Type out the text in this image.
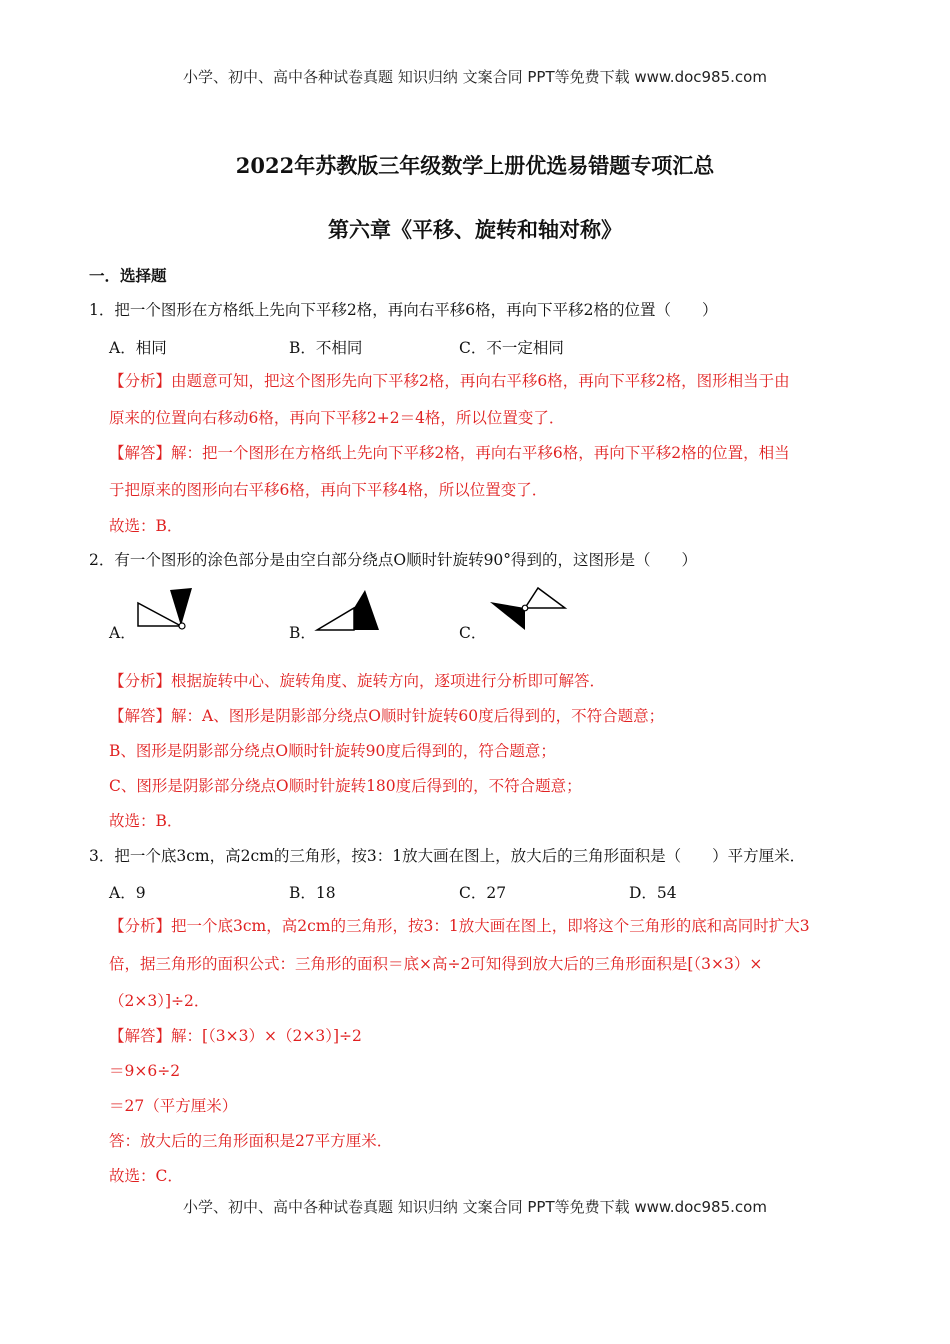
小学、初中、高中各种试卷真题 知识归纳 文案合同 PPT等免费下载 www.doc985.com
2022年苏教版三年级数学上册优选易错题专项汇总
第六章《平移、旋转和轴对称》
一．选择题
1．把一个图形在方格纸上先向下平移2格，再向右平移6格，再向下平移2格的位置（　　）
A．相同	B．不相同	C．不一定相同
【分析】由题意可知，把这个图形先向下平移2格，再向右平移6格，再向下平移2格，图形相当于由
原来的位置向右移动6格，再向下平移2+2＝4格，所以位置变了．
【解答】解：把一个图形在方格纸上先向下平移2格，再向右平移6格，再向下平移2格的位置，相当
于把原来的图形向右平移6格，再向下平移4格，所以位置变了．
故选：B．
2．有一个图形的涂色部分是由空白部分绕点O顺时针旋转90°得到的，这图形是（　　）
A．	B．	C．
【分析】根据旋转中心、旋转角度、旋转方向，逐项进行分析即可解答．
【解答】解：A、图形是阴影部分绕点O顺时针旋转60度后得到的，不符合题意；
B、图形是阴影部分绕点O顺时针旋转90度后得到的，符合题意；
C、图形是阴影部分绕点O顺时针旋转180度后得到的，不符合题意；
故选：B．
3．把一个底3cm，高2cm的三角形，按3：1放大画在图上，放大后的三角形面积是（　　）平方厘米．
A．9	B．18	C．27	D．54
【分析】把一个底3cm，高2cm的三角形，按3：1放大画在图上，即将这个三角形的底和高同时扩大3
倍，据三角形的面积公式：三角形的面积＝底×高÷2可知得到放大后的三角形面积是[（3×3）×
（2×3）]÷2．
【解答】解：[（3×3）×（2×3）]÷2
＝9×6÷2
＝27（平方厘米）
答：放大后的三角形面积是27平方厘米．
故选：C．
小学、初中、高中各种试卷真题 知识归纳 文案合同 PPT等免费下载 www.doc985.com
